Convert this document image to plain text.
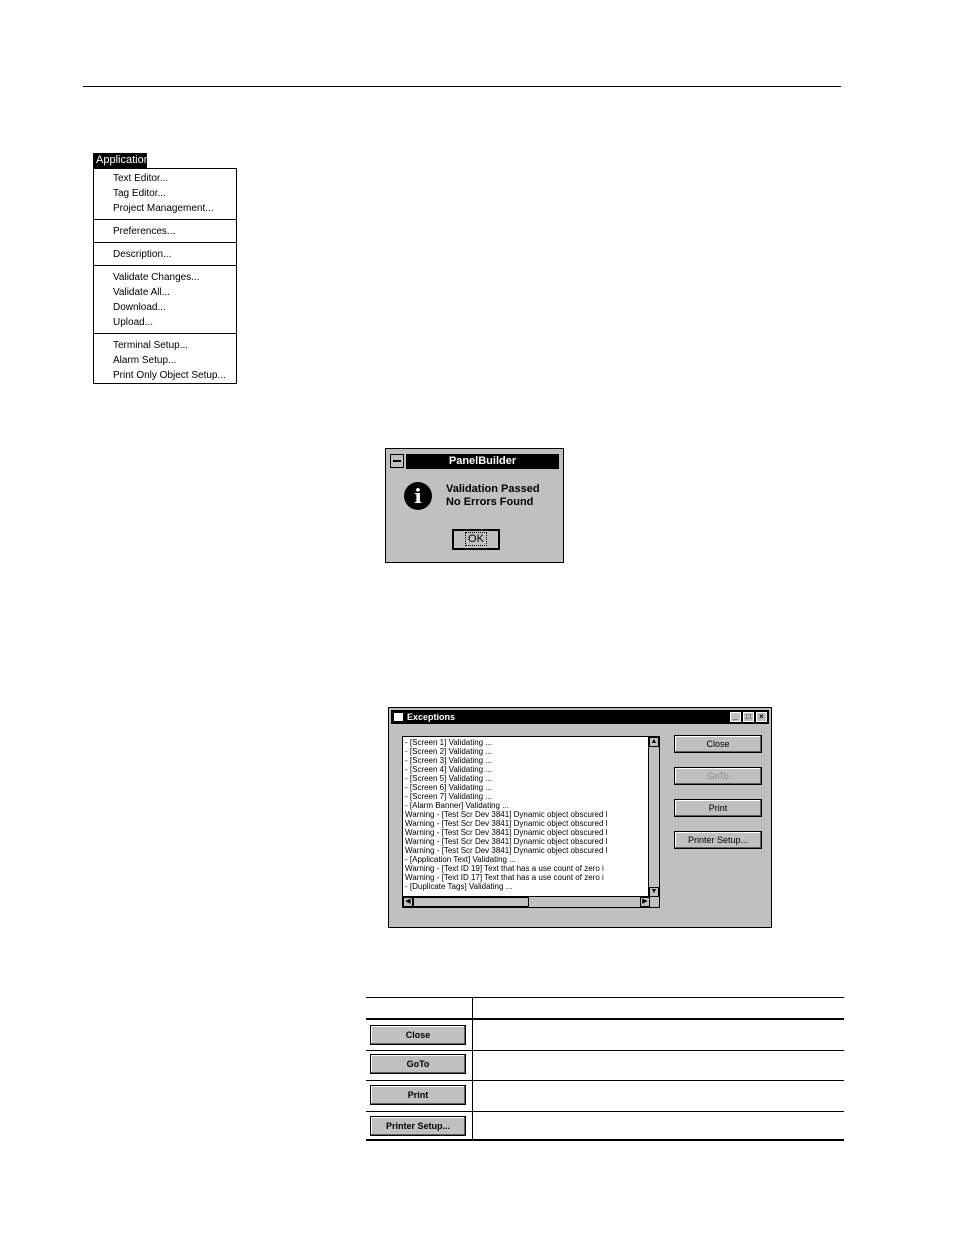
Application
Text Editor...
Tag Editor...
Project Management...
Preferences...
Description...
Validate Changes...
Validate All...
Download...
Upload...
Terminal Setup...
Alarm Setup...
Print Only Object Setup...
PanelBuilder
i	Validation Passed
No Errors Found
OK
Exceptions	_	□	×
- [Screen 1] Validating ...
- [Screen 2] Validating ...
- [Screen 3] Validating ...
- [Screen 4] Validating ...
- [Screen 5] Validating ...
- [Screen 6] Validating ...
- [Screen 7] Validating ...
- [Alarm Banner] Validating ...
Warning - [Test Scr Dev 3841] Dynamic object obscured l
Warning - [Test Scr Dev 3841] Dynamic object obscured l
Warning - [Test Scr Dev 3841] Dynamic object obscured l
Warning - [Test Scr Dev 3841] Dynamic object obscured l
Warning - [Test Scr Dev 3841] Dynamic object obscured l
- [Application Text] Validating ...
Warning - [Text ID 19] Text that has a use count of zero i
Warning - [Text ID 17] Text that has a use count of zero i
- [Duplicate Tags] Validating ...
▲
▼
◀	▶
Close
GoTo
Print
Printer Setup...
Close
GoTo
Print
Printer Setup...
